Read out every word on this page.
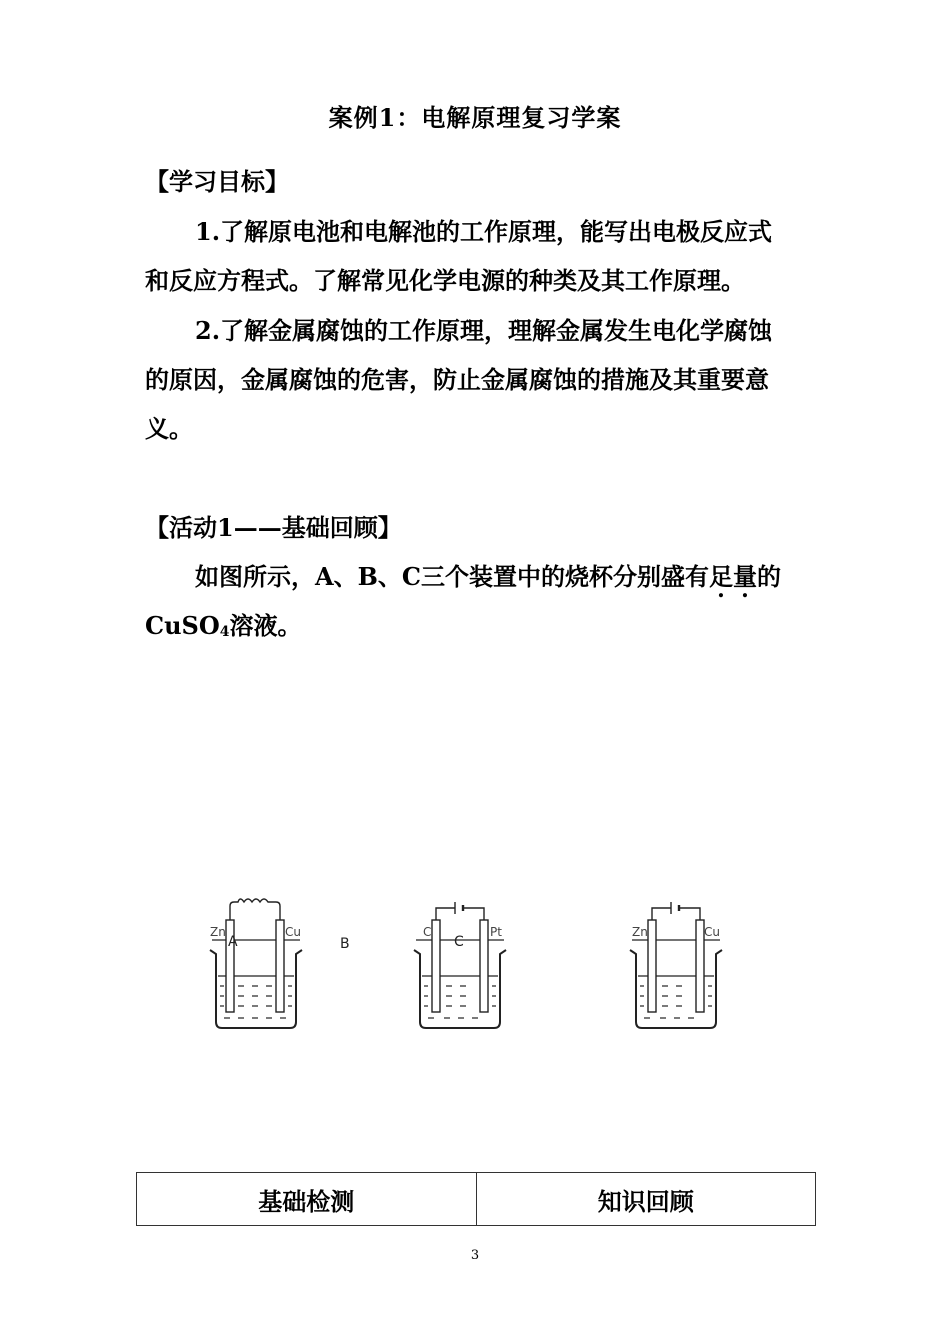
案例1：电解原理复习学案
【学习目标】
1.了解原电池和电解池的工作原理，能写出电极反应式
和反应方程式。了解常见化学电源的种类及其工作原理。
2.了解金属腐蚀的工作原理，理解金属发生电化学腐蚀
的原因，金属腐蚀的危害，防止金属腐蚀的措施及其重要意
义。
【活动1——基础回顾】
如图所示，A、B、C三个装置中的烧杯分别盛有足量的
CuSO$_4$溶液。
Zn	Cu
A	B
C	Pt
C
Zn	Cu
基础检测	知识回顾
3
